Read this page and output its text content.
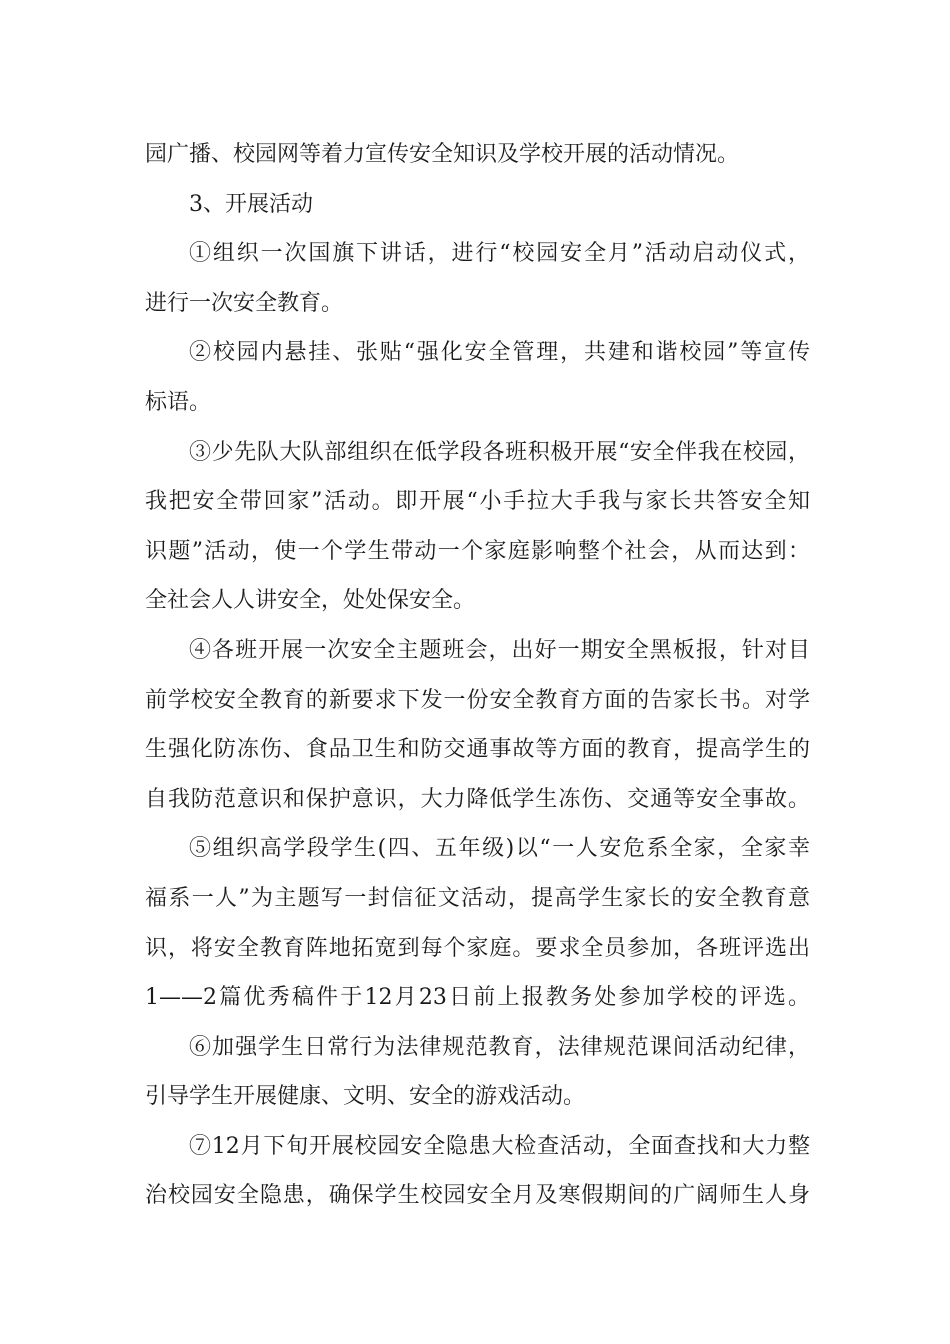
园广播、校园网等着力宣传安全知识及学校开展的活动情况。
3、开展活动
①组织一次国旗下讲话，进行“校园安全月”活动启动仪式，
进行一次安全教育。
②校园内悬挂、张贴“强化安全管理，共建和谐校园”等宣传
标语。
③少先队大队部组织在低学段各班积极开展“安全伴我在校园，
我把安全带回家”活动。即开展“小手拉大手我与家长共答安全知
识题”活动，使一个学生带动一个家庭影响整个社会，从而达到：
全社会人人讲安全，处处保安全。
④各班开展一次安全主题班会，出好一期安全黑板报，针对目
前学校安全教育的新要求下发一份安全教育方面的告家长书。对学
生强化防冻伤、食品卫生和防交通事故等方面的教育，提高学生的
自我防范意识和保护意识，大力降低学生冻伤、交通等安全事故。
⑤组织高学段学生(四、五年级)以“一人安危系全家，全家幸
福系一人”为主题写一封信征文活动，提高学生家长的安全教育意
识，将安全教育阵地拓宽到每个家庭。要求全员参加，各班评选出
1——2篇优秀稿件于12月23日前上报教务处参加学校的评选。
⑥加强学生日常行为法律规范教育，法律规范课间活动纪律，
引导学生开展健康、文明、安全的游戏活动。
⑦12月下旬开展校园安全隐患大检查活动，全面查找和大力整
治校园安全隐患，确保学生校园安全月及寒假期间的广阔师生人身
